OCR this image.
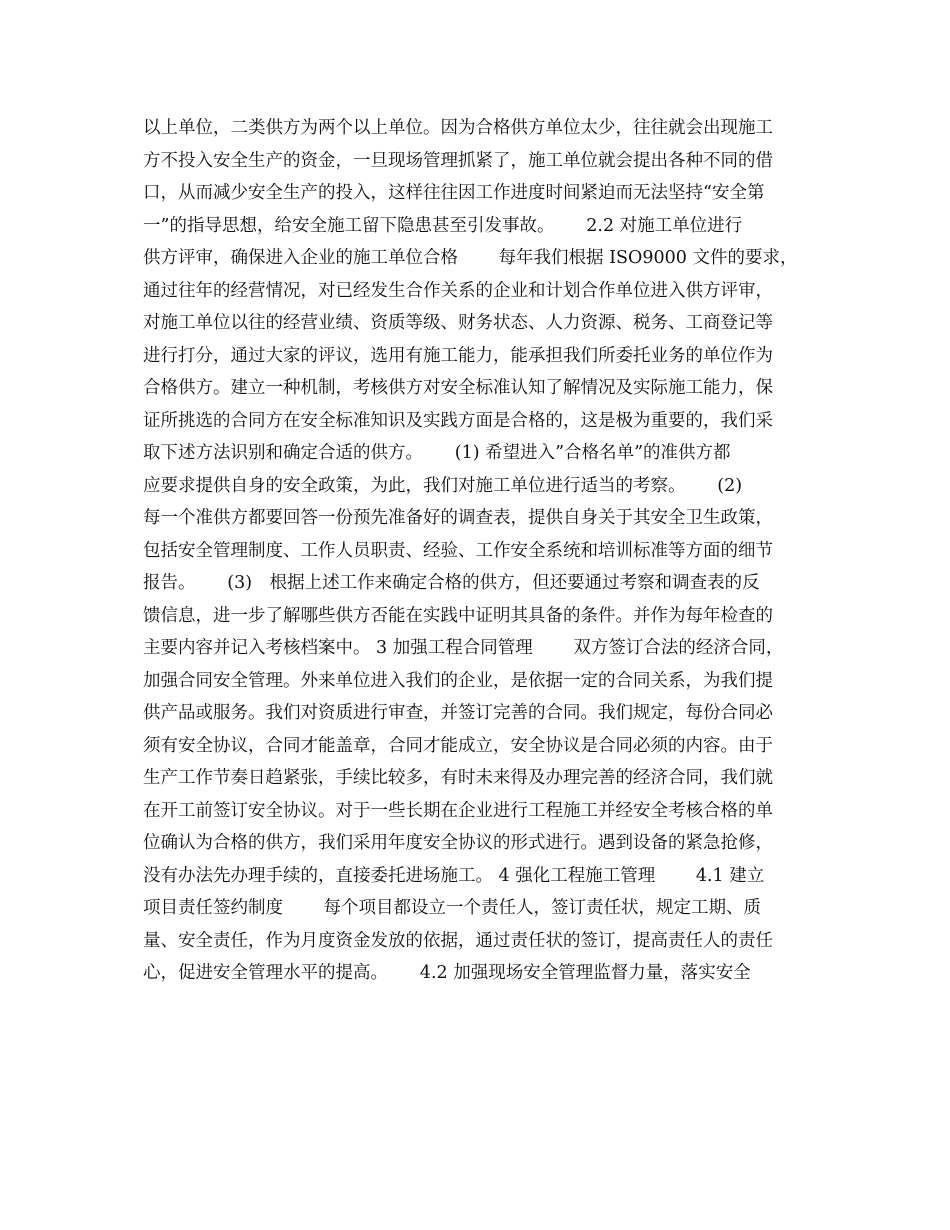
以上单位，二类供方为两个以上单位。因为合格供方单位太少，往往就会出现施工
方不投入安全生产的资金，一旦现场管理抓紧了，施工单位就会提出各种不同的借
口，从而减少安全生产的投入，这样往往因工作进度时间紧迫而无法坚持“安全第
一”的指导思想，给安全施工留下隐患甚至引发事故。　　 2.2 对施工单位进行
供方评审，确保进入企业的施工单位合格　　 每年我们根据 ISO9000 文件的要求，
通过往年的经营情况，对已经发生合作关系的企业和计划合作单位进入供方评审，
对施工单位以往的经营业绩、资质等级、财务状态、人力资源、税务、工商登记等
进行打分，通过大家的评议，选用有施工能力，能承担我们所委托业务的单位作为
合格供方。建立一种机制，考核供方对安全标准认知了解情况及实际施工能力，保
证所挑选的合同方在安全标准知识及实践方面是合格的，这是极为重要的，我们采
取下述方法识别和确定合适的供方。　　 (1) 希望进入”合格名单”的准供方都
应要求提供自身的安全政策，为此，我们对施工单位进行适当的考察。　　 (2)
每一个准供方都要回答一份预先准备好的调查表，提供自身关于其安全卫生政策，
包括安全管理制度、工作人员职责、经验、工作安全系统和培训标准等方面的细节
报告。　　 (3)　根据上述工作来确定合格的供方，但还要通过考察和调查表的反
馈信息，进一步了解哪些供方否能在实践中证明其具备的条件。并作为每年检查的
主要内容并记入考核档案中。 3 加强工程合同管理　　 双方签订合法的经济合同，
加强合同安全管理。外来单位进入我们的企业，是依据一定的合同关系，为我们提
供产品或服务。我们对资质进行审查，并签订完善的合同。我们规定，每份合同必
须有安全协议，合同才能盖章，合同才能成立，安全协议是合同必须的内容。由于
生产工作节奏日趋紧张，手续比较多，有时未来得及办理完善的经济合同，我们就
在开工前签订安全协议。对于一些长期在企业进行工程施工并经安全考核合格的单
位确认为合格的供方，我们采用年度安全协议的形式进行。遇到设备的紧急抢修，
没有办法先办理手续的，直接委托进场施工。 4 强化工程施工管理　　 4.1 建立
项目责任签约制度　　 每个项目都设立一个责任人，签订责任状，规定工期、质
量、安全责任，作为月度资金发放的依据，通过责任状的签订，提高责任人的责任
心，促进安全管理水平的提高。　　 4.2 加强现场安全管理监督力量，落实安全
